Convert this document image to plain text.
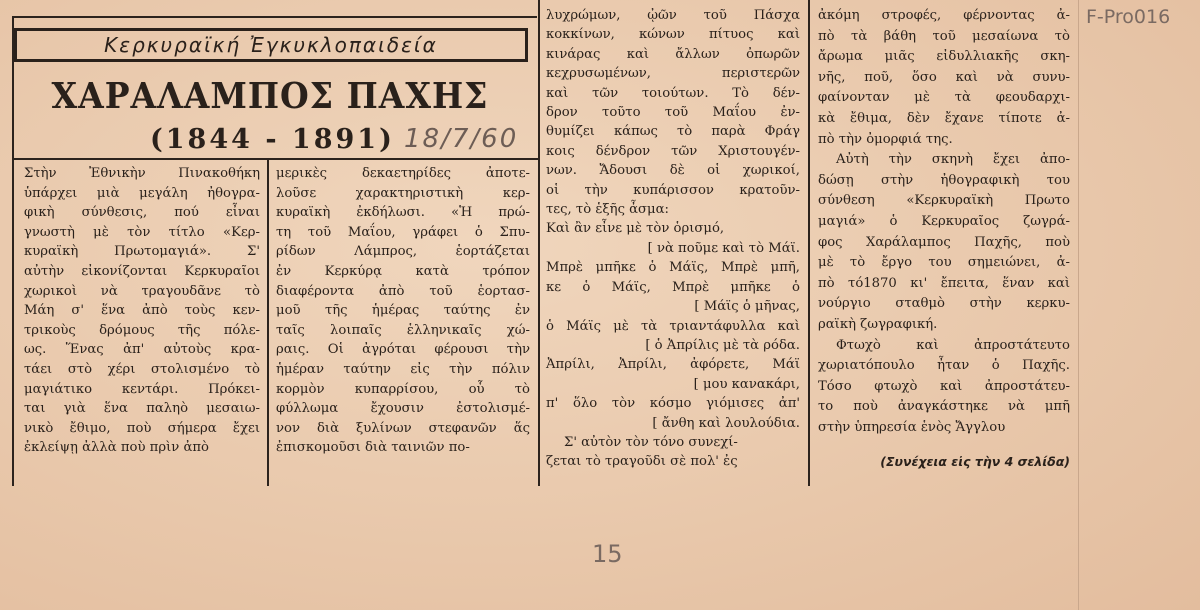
Κερκυραϊκή Ἐγκυκλοπαιδεία
ΧΑΡΑΛΑΜΠΟΣ ΠΑΧΗΣ
(1844 - 1891) 18/7/60
F-Pro016
15
Στὴν Ἐθνικὴν Πινακοθήκη
ὑπάρχει μιὰ μεγάλη ἠθογρα-
φικὴ σύνθεσις, πού εἶναι
γνωστὴ μὲ τὸν τίτλο «Κερ-
κυραϊκὴ Πρωτομαγιά». Σ'
αὐτὴν εἰκονίζονται Κερκυραῖοι
χωρικοὶ νὰ τραγουδᾶνε τὸ
Μάη σ' ἕνα ἀπὸ τοὺς κεν-
τρικοὺς δρόμους τῆς πόλε-
ως. Ἕνας ἀπ' αὐτοὺς κρα-
τάει στὸ χέρι στολισμένο τὸ
μαγιάτικο κεντάρι. Πρόκει-
ται γιὰ ἕνα παληὸ μεσαιω-
νικὸ ἔθιμο, ποὺ σήμερα ἔχει
ἐκλείψῃ ἀλλὰ ποὺ πρὶν ἀπὸ
μερικὲς δεκαετηρίδες ἀποτε-
λοῦσε χαρακτηριστικὴ κερ-
κυραϊκὴ ἐκδήλωσι. «Ἡ πρώ-
τη τοῦ Μαΐου, γράφει ὁ Σπυ-
ρίδων Λάμπρος, ἑορτάζεται
ἐν Κερκύρᾳ κατὰ τρόπον
διαφέροντα ἀπὸ τοῦ ἑορτασ-
μοῦ τῆς ἡμέρας ταύτης ἐν
ταῖς λοιπαῖς ἑλληνικαῖς χώ-
ραις. Οἱ ἀγρόται φέρουσι τὴν
ἡμέραν ταύτην εἰς τὴν πόλιν
κορμὸν κυπαρρίσου, οὗ τὸ
φύλλωμα ἔχουσιν ἐστολισμέ-
νον διὰ ξυλίνων στεφανῶν ἅς
ἐπισκομοῦσι διὰ ταινιῶν πο-
λυχρώμων, ᾠῶν τοῦ Πάσχα
κοκκίνων, κώνων πίτυος καὶ
κινάρας καὶ ἄλλων ὀπωρῶν
κεχρυσωμένων, περιστερῶν
καὶ τῶν τοιούτων. Τὸ δέν-
δρον τοῦτο τοῦ Μαΐου ἐν-
θυμίζει κάπως τὸ παρὰ Φράγ
κοις δένδρον τῶν Χριστουγέν-
νων. Ἄδουσι δὲ οἱ χωρικοί,
οἱ τὴν κυπάρισσον κρατοῦν-
τες, τὸ ἑξῆς ἆσμα:
Καὶ ἂν εἶνε μὲ τὸν ὁρισμό,
[ νὰ ποῦμε καὶ τὸ Μάϊ.
Μπρὲ μπῆκε ὁ Μάϊς, Μπρὲ μπῆ,
κε ὁ Μάϊς, Μπρὲ μπῆκε ὁ
[ Μάϊς ὁ μῆνας,
ὁ Μάϊς μὲ τὰ τριαντάφυλλα καὶ
[ ὁ Ἀπρίλις μὲ τὰ ρόδα.
Ἀπρίλι, Ἀπρίλι, ἀφόρετε, Μάϊ
[ μου κανακάρι,
π' ὅλο τὸν κόσμο γιόμισες ἀπ'
[ ἄνθη καὶ λουλούδια.
Σ' αὐτὸν τὸν τόνο συνεχί-
ζεται τὸ τραγοῦδι σὲ πολ' ἐς
ἀκόμη στροφές, φέρνοντας ἀ-
πὸ τὰ βάθη τοῦ μεσαίωνα τὸ
ἄρωμα μιᾶς εἰδυλλιακῆς σκη-
νῆς, ποῦ, ὅσο καὶ νὰ συνυ-
φαίνονταν μὲ τὰ φεουδαρχι-
κὰ ἔθιμα, δὲν ἔχανε τίποτε ἀ-
πὸ τὴν ὀμορφιά της.
Αὐτὴ τὴν σκηνὴ ἔχει ἀπο-
δώσῃ στὴν ἠθογραφικὴ του
σύνθεση «Κερκυραϊκὴ Πρωτο
μαγιά» ὁ Κερκυραῖος ζωγρά-
φος Χαράλαμπος Παχῆς, ποὺ
μὲ τὸ ἔργο του σημειώνει, ἀ-
πὸ τό1870 κι' ἔπειτα, ἕναν καὶ
νούργιο σταθμὸ στὴν κερκυ-
ραϊκὴ ζωγραφική.
Φτωχὸ καὶ ἀπροστάτευτο
χωριατόπουλο ἦταν ὁ Παχῆς.
Τόσο φτωχὸ καὶ ἀπροστάτευ-
το ποὺ ἀναγκάστηκε νὰ μπῆ
στὴν ὑπηρεσία ἑνὸς Ἄγγλου
(Συνέχεια εἰς τὴν 4 σελίδα)
